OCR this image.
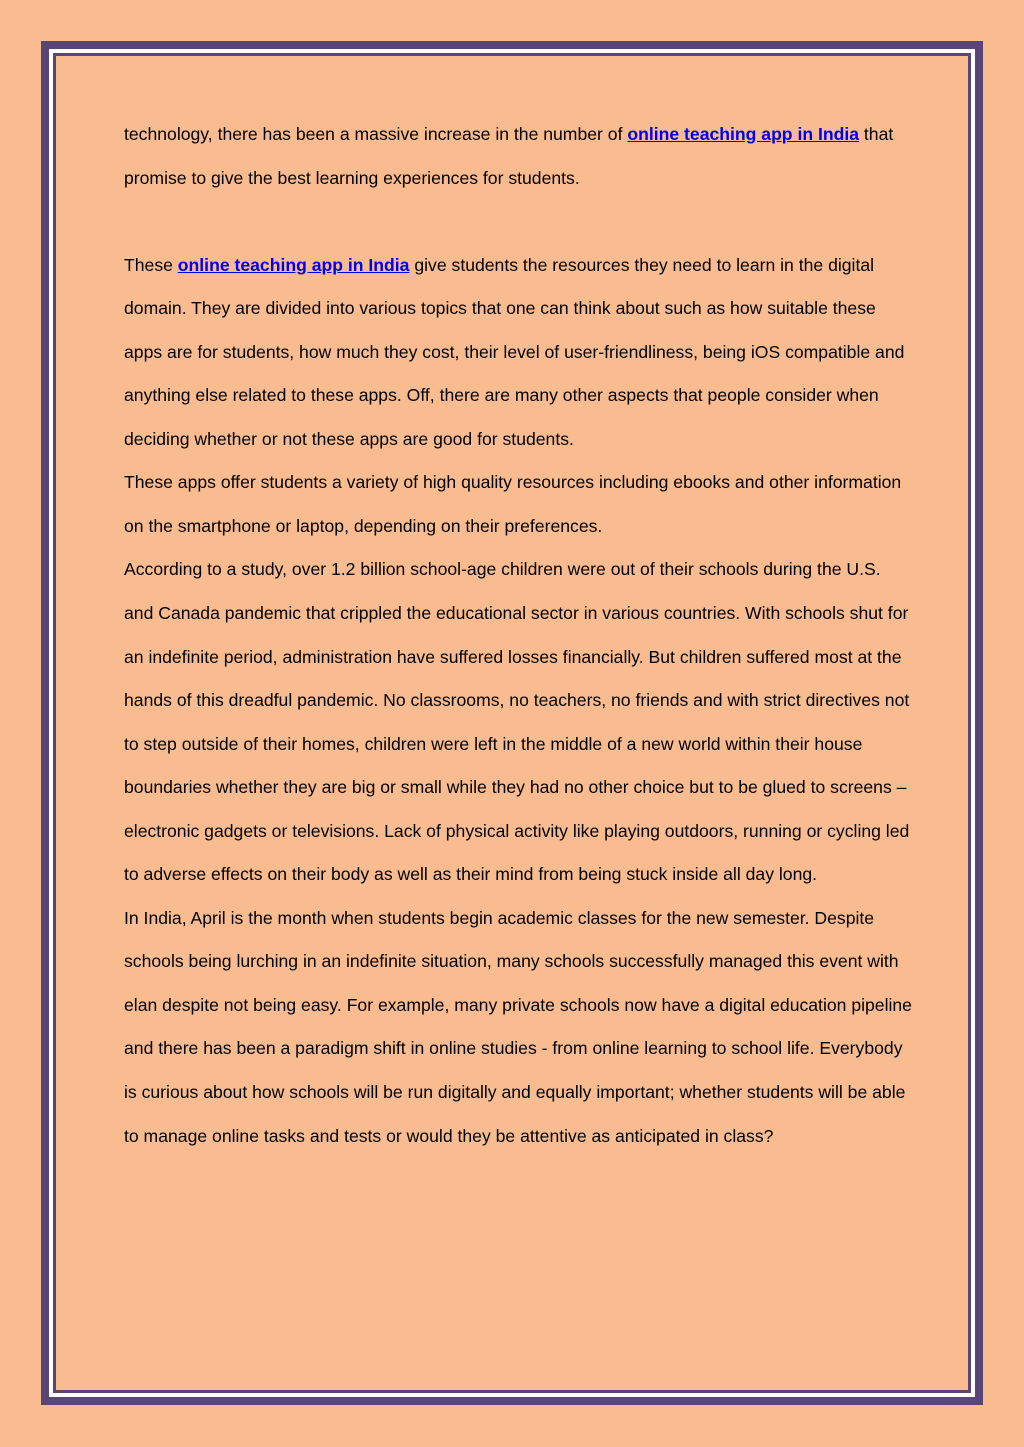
technology, there has been a massive increase in the number of online teaching app in India that promise to give the best learning experiences for students.

These online teaching app in India give students the resources they need to learn in the digital domain. They are divided into various topics that one can think about such as how suitable these apps are for students, how much they cost, their level of user-friendliness, being iOS compatible and anything else related to these apps. Off, there are many other aspects that people consider when deciding whether or not these apps are good for students.

These apps offer students a variety of high quality resources including ebooks and other information on the smartphone or laptop, depending on their preferences.

According to a study, over 1.2 billion school-age children were out of their schools during the U.S. and Canada pandemic that crippled the educational sector in various countries. With schools shut for an indefinite period, administration have suffered losses financially. But children suffered most at the hands of this dreadful pandemic. No classrooms, no teachers, no friends and with strict directives not to step outside of their homes, children were left in the middle of a new world within their house boundaries whether they are big or small while they had no other choice but to be glued to screens – electronic gadgets or televisions. Lack of physical activity like playing outdoors, running or cycling led to adverse effects on their body as well as their mind from being stuck inside all day long.

In India, April is the month when students begin academic classes for the new semester. Despite schools being lurching in an indefinite situation, many schools successfully managed this event with elan despite not being easy. For example, many private schools now have a digital education pipeline and there has been a paradigm shift in online studies - from online learning to school life. Everybody is curious about how schools will be run digitally and equally important; whether students will be able to manage online tasks and tests or would they be attentive as anticipated in class?
